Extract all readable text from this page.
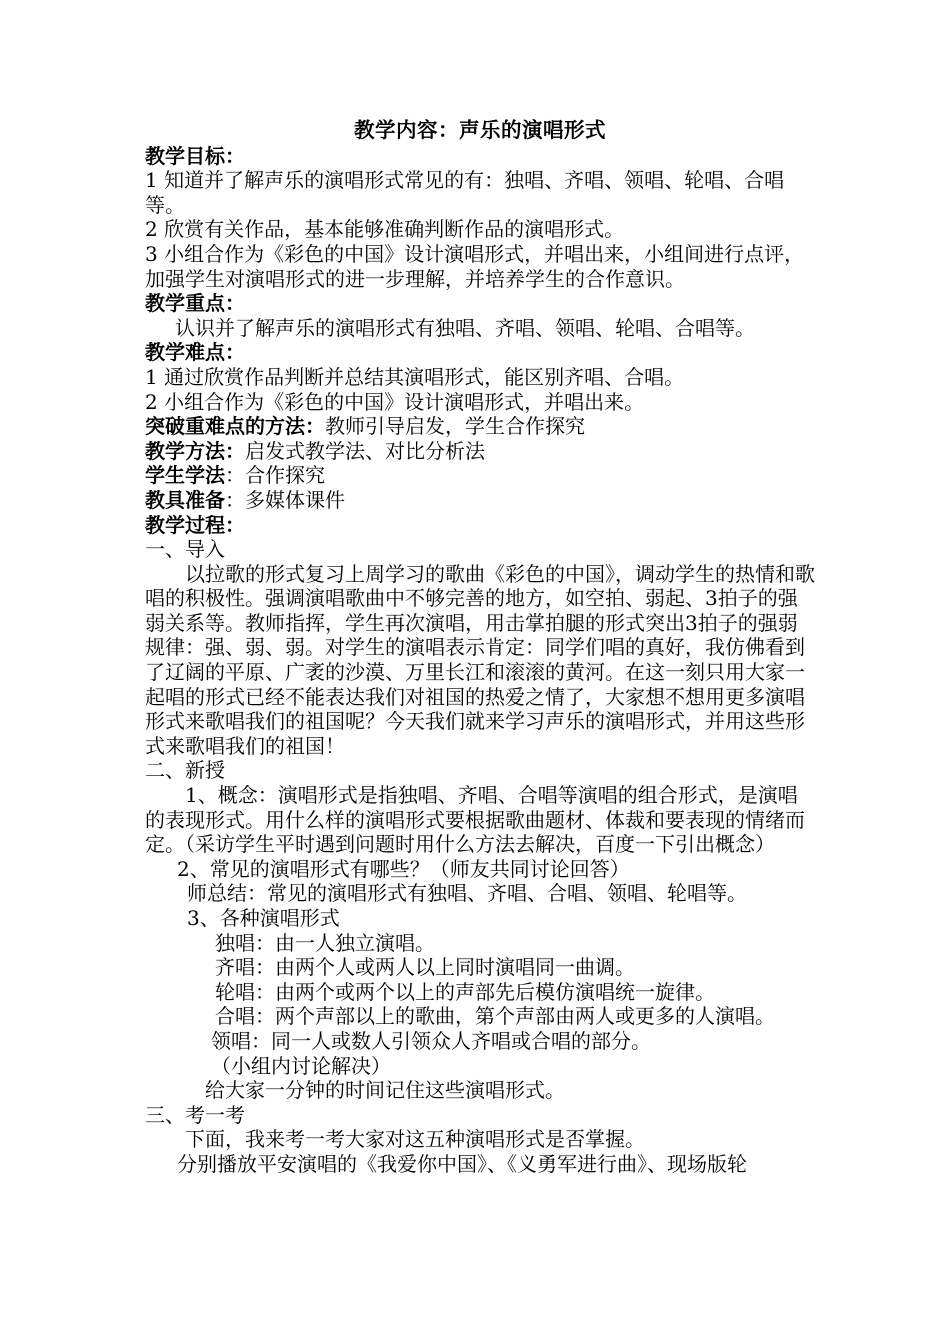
教学内容：声乐的演唱形式

教学目标：

1 知道并了解声乐的演唱形式常见的有：独唱、齐唱、领唱、轮唱、合唱等。

2 欣赏有关作品，基本能够准确判断作品的演唱形式。

3 小组合作为《彩色的中国》设计演唱形式，并唱出来，小组间进行点评，加强学生对演唱形式的进一步理解，并培养学生的合作意识。

教学重点：

认识并了解声乐的演唱形式有独唱、齐唱、领唱、轮唱、合唱等。

教学难点：

1 通过欣赏作品判断并总结其演唱形式，能区别齐唱、合唱。

2 小组合作为《彩色的中国》设计演唱形式，并唱出来。

突破重难点的方法：教师引导启发，学生合作探究

教学方法：启发式教学法、对比分析法

学生学法：合作探究

教具准备：多媒体课件

教学过程：

一、导入

以拉歌的形式复习上周学习的歌曲《彩色的中国》，调动学生的热情和歌唱的积极性。强调演唱歌曲中不够完善的地方，如空拍、弱起、3拍子的强弱关系等。教师指挥，学生再次演唱，用击掌拍腿的形式突出3拍子的强弱规律：强、弱、弱。对学生的演唱表示肯定：同学们唱的真好，我仿佛看到了辽阔的平原、广袤的沙漠、万里长江和滚滚的黄河。在这一刻只用大家一起唱的形式已经不能表达我们对祖国的热爱之情了，大家想不想用更多演唱形式来歌唱我们的祖国呢？今天我们就来学习声乐的演唱形式，并用这些形式来歌唱我们的祖国！

二、新授

1、概念：演唱形式是指独唱、齐唱、合唱等演唱的组合形式，是演唱的表现形式。用什么样的演唱形式要根据歌曲题材、体裁和要表现的情绪而定。（采访学生平时遇到问题时用什么方法去解决，百度一下引出概念）

2、常见的演唱形式有哪些？（师友共同讨论回答）

师总结：常见的演唱形式有独唱、齐唱、合唱、领唱、轮唱等。

3、各种演唱形式

独唱：由一人独立演唱。

齐唱：由两个人或两人以上同时演唱同一曲调。

轮唱：由两个或两个以上的声部先后模仿演唱统一旋律。

合唱：两个声部以上的歌曲，第个声部由两人或更多的人演唱。

领唱：同一人或数人引领众人齐唱或合唱的部分。

（小组内讨论解决）

给大家一分钟的时间记住这些演唱形式。

三、考一考

下面，我来考一考大家对这五种演唱形式是否掌握。

分别播放平安演唱的《我爱你中国》、《义勇军进行曲》、现场版轮
